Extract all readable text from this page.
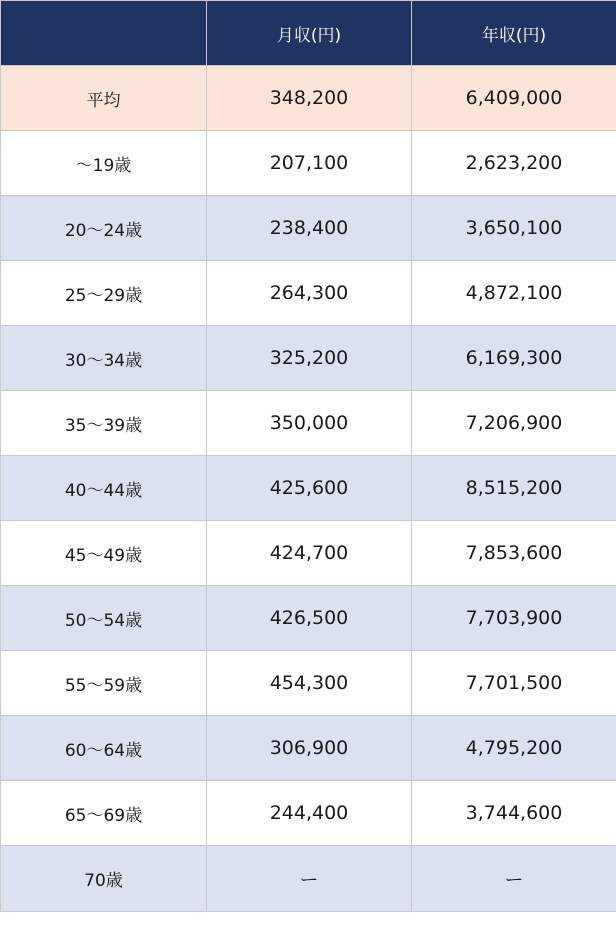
	月収(円)	年収(円)
平均	348,200	6,409,000
〜19歳	207,100	2,623,200
20〜24歳	238,400	3,650,100
25〜29歳	264,300	4,872,100
30〜34歳	325,200	6,169,300
35〜39歳	350,000	7,206,900
40〜44歳	425,600	8,515,200
45〜49歳	424,700	7,853,600
50〜54歳	426,500	7,703,900
55〜59歳	454,300	7,701,500
60〜64歳	306,900	4,795,200
65〜69歳	244,400	3,744,600
70歳	ー	ー
